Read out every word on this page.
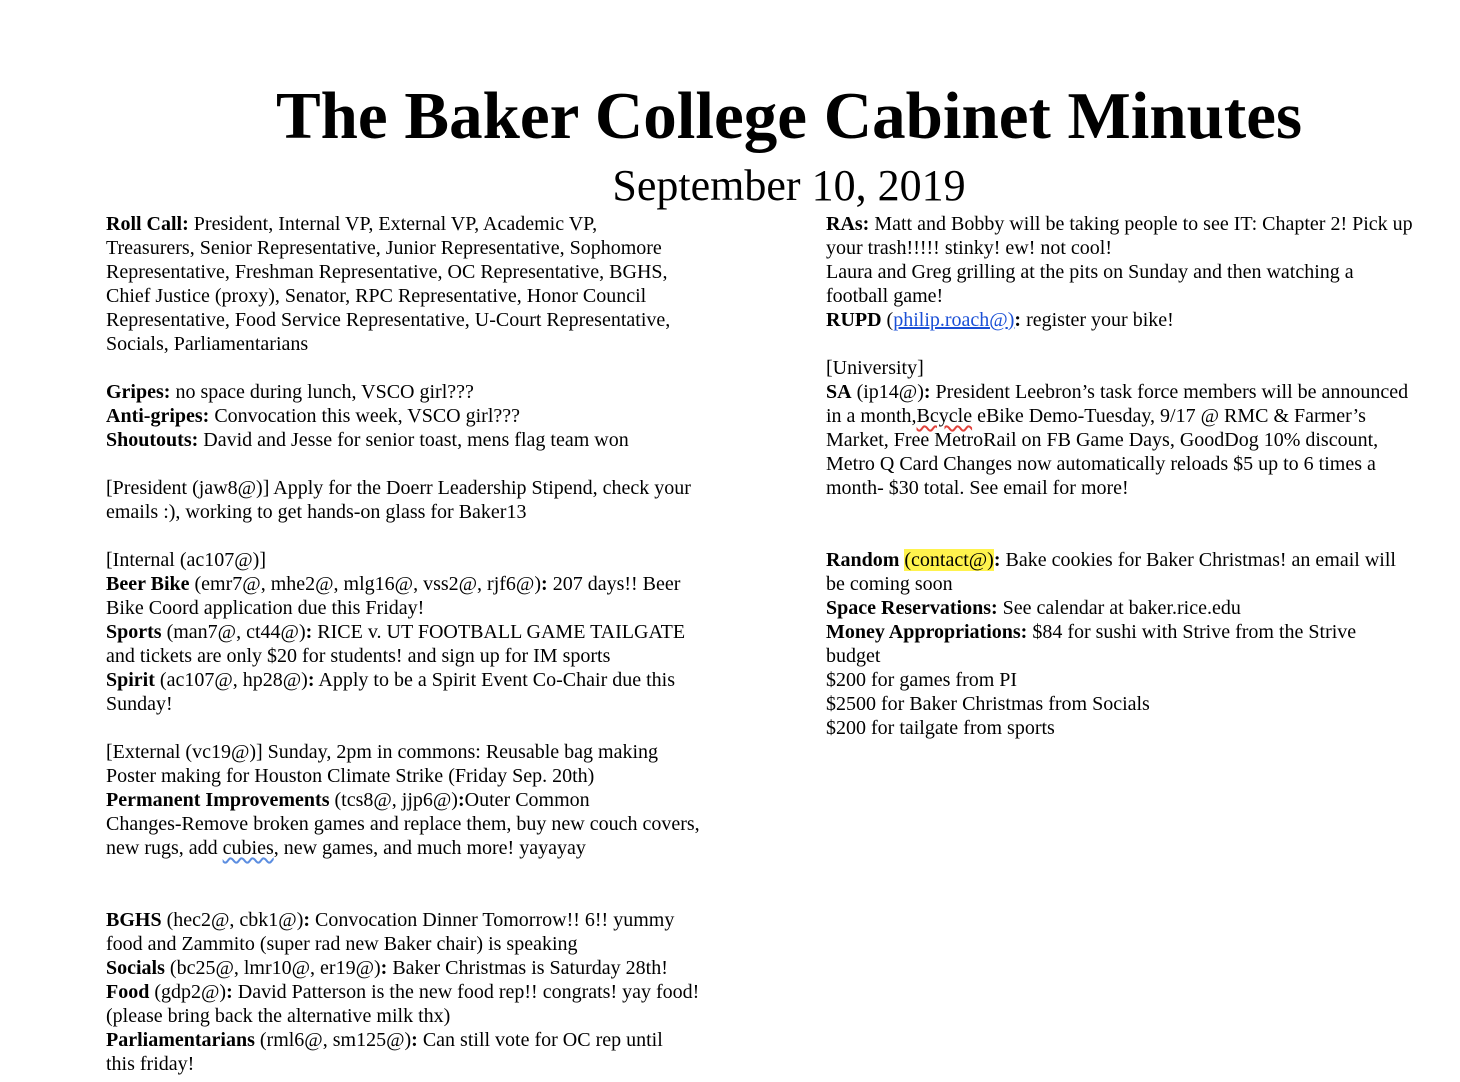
The Baker College Cabinet Minutes
September 10, 2019
Roll Call: President, Internal VP, External VP, Academic VP,
Treasurers, Senior Representative, Junior Representative, Sophomore
Representative, Freshman Representative, OC Representative, BGHS,
Chief Justice (proxy), Senator, RPC Representative, Honor Council
Representative, Food Service Representative, U-Court Representative,
Socials, Parliamentarians
Gripes: no space during lunch, VSCO girl???
Anti-gripes: Convocation this week, VSCO girl???
Shoutouts: David and Jesse for senior toast, mens flag team won
[President (jaw8@)] Apply for the Doerr Leadership Stipend, check your
emails :), working to get hands-on glass for Baker13
[Internal (ac107@)]
Beer Bike (emr7@, mhe2@, mlg16@, vss2@, rjf6@): 207 days!! Beer
Bike Coord application due this Friday!
Sports (man7@, ct44@): RICE v. UT FOOTBALL GAME TAILGATE
and tickets are only $20 for students! and sign up for IM sports
Spirit (ac107@, hp28@): Apply to be a Spirit Event Co-Chair due this
Sunday!
[External (vc19@)] Sunday, 2pm in commons: Reusable bag making
Poster making for Houston Climate Strike (Friday Sep. 20th)
Permanent Improvements (tcs8@, jjp6@):Outer Common
Changes-Remove broken games and replace them, buy new couch covers,
new rugs, add cubies, new games, and much more! yayayay
BGHS (hec2@, cbk1@): Convocation Dinner Tomorrow!! 6!! yummy
food and Zammito (super rad new Baker chair) is speaking
Socials (bc25@, lmr10@, er19@): Baker Christmas is Saturday 28th!
Food (gdp2@): David Patterson is the new food rep!! congrats! yay food!
(please bring back the alternative milk thx)
Parliamentarians (rml6@, sm125@): Can still vote for OC rep until
this friday!
RAs: Matt and Bobby will be taking people to see IT: Chapter 2! Pick up
your trash!!!!! stinky! ew! not cool!
Laura and Greg grilling at the pits on Sunday and then watching a
football game!
RUPD (philip.roach@): register your bike!
[University]
SA (ip14@): President Leebron’s task force members will be announced
in a month,Bcycle eBike Demo-Tuesday, 9/17 @ RMC & Farmer’s
Market, Free MetroRail on FB Game Days, GoodDog 10% discount,
Metro Q Card Changes now automatically reloads $5 up to 6 times a
month- $30 total. See email for more!
Random (contact@): Bake cookies for Baker Christmas! an email will
be coming soon
Space Reservations: See calendar at baker.rice.edu
Money Appropriations: $84 for sushi with Strive from the Strive
budget
$200 for games from PI
$2500 for Baker Christmas from Socials
$200 for tailgate from sports
